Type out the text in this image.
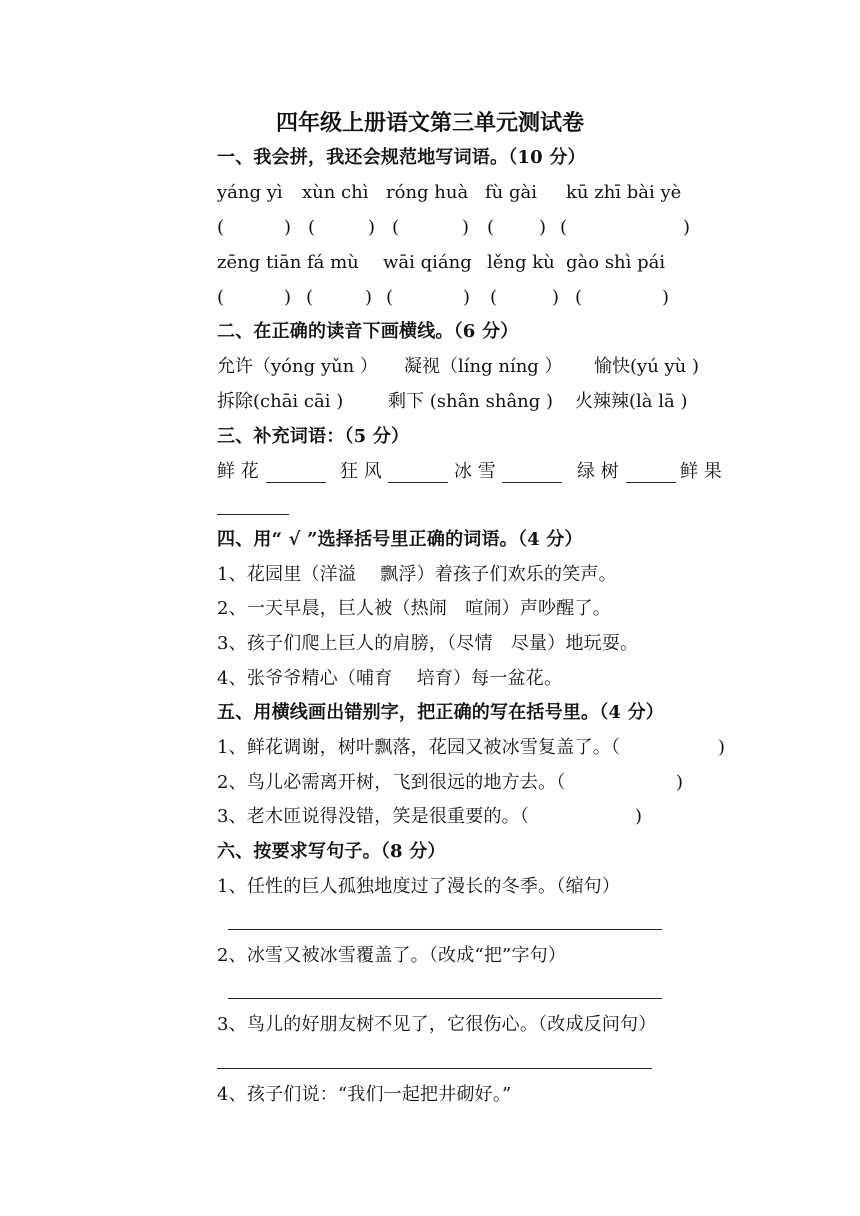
四年级上册语文第三单元测试卷
一、我会拼，我还会规范地写词语。（10 分）
yáng yì xùn chì róng huà fù gài kū zhī bài yè
(	) (	) (	) ( ) (	)
zēng tiān fá mù wāi qiáng lěng kù gào shì pái
(	) (	) (	) (	) (	)
二、在正确的读音下画横线。（6 分）
允许（yóng yǔn ） 凝视（líng níng ） 愉快(yú yù )
拆除(chāi cāi ) 剩下 (shân shâng ) 火辣辣(là lā )
三、补充词语：（5 分）
鲜 花	狂 风	冰 雪	绿 树	鲜 果
四、用“ √ ”选择括号里正确的词语。（4 分）
1、花园里（洋溢　 飘浮）着孩子们欢乐的笑声。
2、一天早晨，巨人被（热闹　喧闹）声吵醒了。
3、孩子们爬上巨人的肩膀，（尽情　尽量）地玩耍。
4、张爷爷精心（哺育　 培育）每一盆花。
五、用横线画出错别字，把正确的写在括号里。（4 分）
1、鲜花调谢，树叶飘落，花园又被冰雪复盖了。（	)
2、鸟儿必需离开树，飞到很远的地方去。（	)
3、老木匝说得没错，笑是很重要的。（	)
六、按要求写句子。（8 分）
1、任性的巨人孤独地度过了漫长的冬季。（缩句）
2、冰雪又被冰雪覆盖了。（改成“把”字句）
3、鸟儿的好朋友树不见了，它很伤心。（改成反问句）
4、孩子们说：“我们一起把井砌好。”
